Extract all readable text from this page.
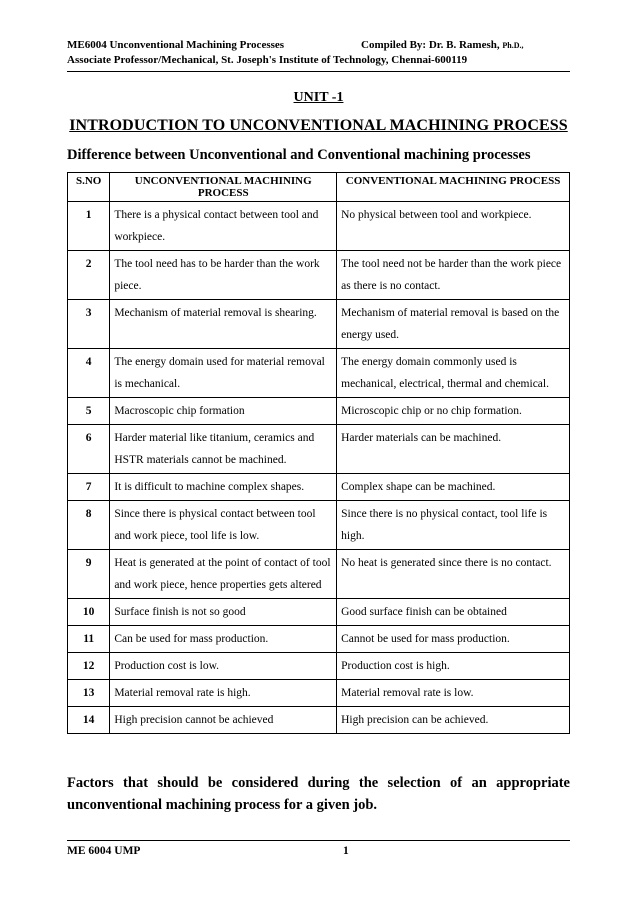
ME6004 Unconventional Machining Processes	Compiled By: Dr. B. Ramesh, Ph.D.,
Associate Professor/Mechanical, St. Joseph's Institute of Technology, Chennai-600119
UNIT -1
INTRODUCTION TO UNCONVENTIONAL MACHINING PROCESS
Difference between Unconventional and Conventional machining processes
S.NO	UNCONVENTIONAL MACHINING PROCESS	CONVENTIONAL MACHINING PROCESS
1	There is a physical contact between tool and workpiece.	No physical between tool and workpiece.
2	The tool need has to be harder than the work piece.	The tool need not be harder than the work piece as there is no contact.
3	Mechanism of material removal is shearing.	Mechanism of material removal is based on the energy used.
4	The energy domain used for material removal is mechanical.	The energy domain commonly used is mechanical, electrical, thermal and chemical.
5	Macroscopic chip formation	Microscopic chip or no chip formation.
6	Harder material like titanium, ceramics and HSTR materials cannot be machined.	Harder materials can be machined.
7	It is difficult to machine complex shapes.	Complex shape can be machined.
8	Since there is physical contact between tool and work piece, tool life is low.	Since there is no physical contact, tool life is high.
9	Heat is generated at the point of contact of tool and work piece, hence properties gets altered	No heat is generated since there is no contact.
10	Surface finish is not so good	Good surface finish can be obtained
11	Can be used for mass production.	Cannot be used for mass production.
12	Production cost is low.	Production cost is high.
13	Material removal rate is high.	Material removal rate is low.
14	High precision cannot be achieved	High precision can be achieved.
Factors that should be considered during the selection of an appropriate unconventional machining process for a given job.
ME 6004 UMP	1
